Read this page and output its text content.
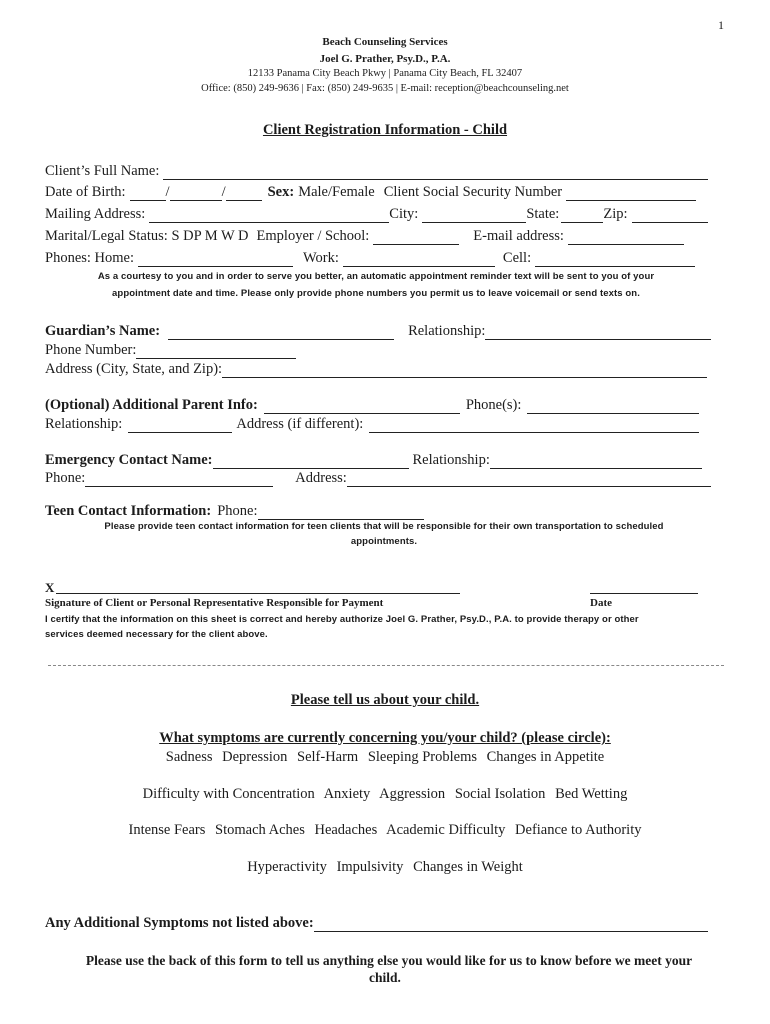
1
Beach Counseling Services
Joel G. Prather, Psy.D., P.A.
12133 Panama City Beach Pkwy | Panama City Beach, FL 32407
Office: (850) 249-9636 | Fax: (850) 249-9635 | E-mail: reception@beachcounseling.net
Client Registration Information - Child
Client’s Full Name:
Date of Birth:	/	/	Sex: Male/Female Client Social Security Number
Mailing Address:	City:	State:	Zip:
Marital/Legal Status: S DP M W D Employer / School:	E-mail address:
Phones: Home:	Work:	Cell:
As a courtesy to you and in order to serve you better, an automatic appointment reminder text will be sent to you of your
appointment date and time. Please only provide phone numbers you permit us to leave voicemail or send texts on.
Guardian’s Name:	Relationship:
Phone Number:
Address (City, State, and Zip):
(Optional) Additional Parent Info:	Phone(s):
Relationship:	Address (if different):
Emergency Contact Name:	Relationship:
Phone:	Address:
Teen Contact Information: Phone:
Please provide teen contact information for teen clients that will be responsible for their own transportation to scheduled
appointments.
X
Signature of Client or Personal Representative Responsible for Payment	Date
I certify that the information on this sheet is correct and hereby authorize Joel G. Prather, Psy.D., P.A. to provide therapy or other
services deemed necessary for the client above.
Please tell us about your child.
What symptoms are currently concerning you/your child? (please circle):
Sadness Depression Self-Harm Sleeping Problems Changes in Appetite
Difficulty with Concentration Anxiety Aggression Social Isolation Bed Wetting
Intense Fears Stomach Aches Headaches Academic Difficulty Defiance to Authority
Hyperactivity Impulsivity Changes in Weight
Any Additional Symptoms not listed above:
Please use the back of this form to tell us anything else you would like for us to know before we meet your
child.
